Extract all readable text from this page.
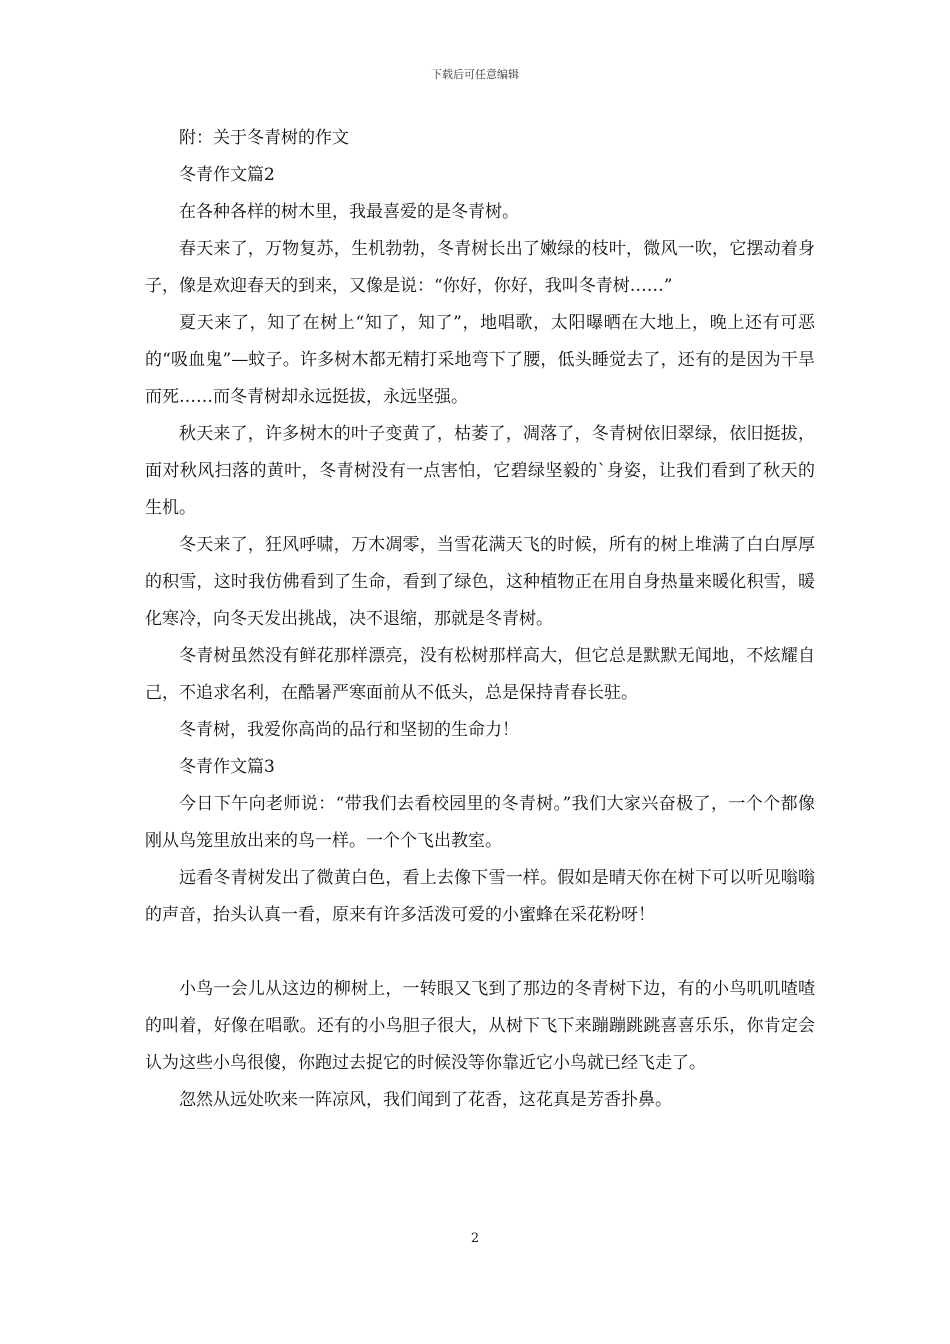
下载后可任意编辑

附：关于冬青树的作文

冬青作文篇2

在各种各样的树木里，我最喜爱的是冬青树。

春天来了，万物复苏，生机勃勃，冬青树长出了嫩绿的枝叶，微风一吹，它摆动着身子，像是欢迎春天的到来，又像是说：“你好，你好，我叫冬青树……”

夏天来了，知了在树上“知了，知了”，地唱歌，太阳曝晒在大地上，晚上还有可恶的“吸血鬼”—蚊子。许多树木都无精打采地弯下了腰，低头睡觉去了，还有的是因为干旱而死……而冬青树却永远挺拔，永远坚强。

秋天来了，许多树木的叶子变黄了，枯萎了，凋落了，冬青树依旧翠绿，依旧挺拔，面对秋风扫落的黄叶，冬青树没有一点害怕，它碧绿坚毅的`身姿，让我们看到了秋天的生机。

冬天来了，狂风呼啸，万木凋零，当雪花满天飞的时候，所有的树上堆满了白白厚厚的积雪，这时我仿佛看到了生命，看到了绿色，这种植物正在用自身热量来暖化积雪，暖化寒冷，向冬天发出挑战，决不退缩，那就是冬青树。

冬青树虽然没有鲜花那样漂亮，没有松树那样高大，但它总是默默无闻地，不炫耀自己，不追求名利，在酷暑严寒面前从不低头，总是保持青春长驻。

冬青树，我爱你高尚的品行和坚韧的生命力！

冬青作文篇3

今日下午向老师说：“带我们去看校园里的冬青树。”我们大家兴奋极了，一个个都像刚从鸟笼里放出来的鸟一样。一个个飞出教室。

远看冬青树发出了微黄白色，看上去像下雪一样。假如是晴天你在树下可以听见嗡嗡的声音，抬头认真一看，原来有许多活泼可爱的小蜜蜂在采花粉呀！

小鸟一会儿从这边的柳树上，一转眼又飞到了那边的冬青树下边，有的小鸟叽叽喳喳的叫着，好像在唱歌。还有的小鸟胆子很大，从树下飞下来蹦蹦跳跳喜喜乐乐，你肯定会认为这些小鸟很傻，你跑过去捉它的时候没等你靠近它小鸟就已经飞走了。

忽然从远处吹来一阵凉风，我们闻到了花香，这花真是芳香扑鼻。

2
